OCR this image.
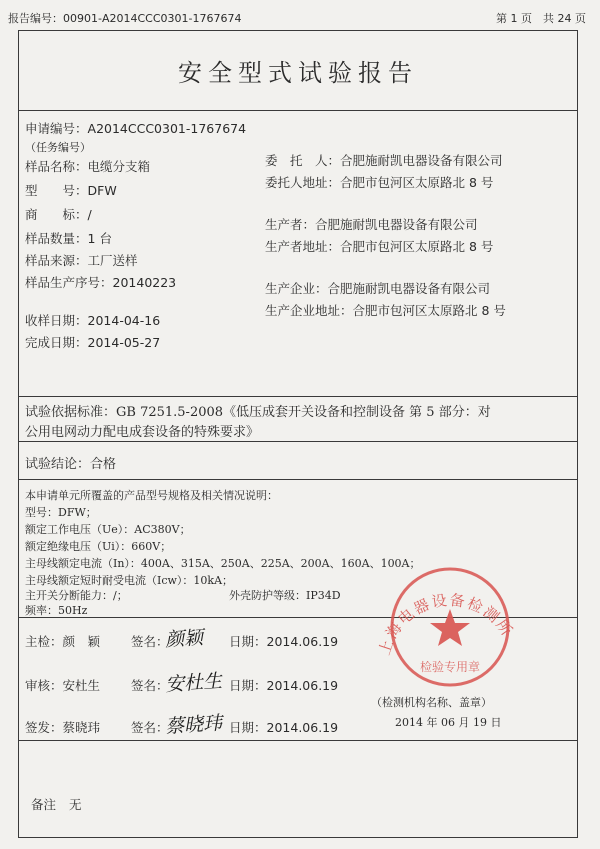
报告编号：00901-A2014CCC0301-1767674	第 1 页　共 24 页
安全型式试验报告
申请编号：A2014CCC0301-1767674
（任务编号）
样品名称：电缆分支箱
型　　号：DFW
商　　标：/
样品数量：1 台
样品来源：工厂送样
样品生产序号：20140223
收样日期：2014-04-16
完成日期：2014-05-27
委　托　人：合肥施耐凯电器设备有限公司
委托人地址：合肥市包河区太原路北 8 号
生产者：合肥施耐凯电器设备有限公司
生产者地址：合肥市包河区太原路北 8 号
生产企业：合肥施耐凯电器设备有限公司
生产企业地址：合肥市包河区太原路北 8 号
试验依据标准：GB 7251.5-2008《低压成套开关设备和控制设备 第 5 部分：对
公用电网动力配电成套设备的特殊要求》
试验结论：合格
本申请单元所覆盖的产品型号规格及相关情况说明：
型号：DFW；
额定工作电压（Ue）：AC380V；
额定绝缘电压（Ui）：660V；
主母线额定电流（In）：400A、315A、250A、225A、200A、160A、100A；
主母线额定短时耐受电流（Icw）：10kA；
主开关分断能力：/；	外壳防护等级：IP34D
频率：50Hz
主检：颜　颖 签名：
颜颖 日期：2014.06.19
审核：安杜生 签名：
安杜生 日期：2014.06.19
签发：蔡晓玮 签名：
蔡晓玮 日期：2014.06.19
（检测机构名称、盖章）
2014 年 06 月 19 日
备注 无
上海电器设备检测所
检验专用章
